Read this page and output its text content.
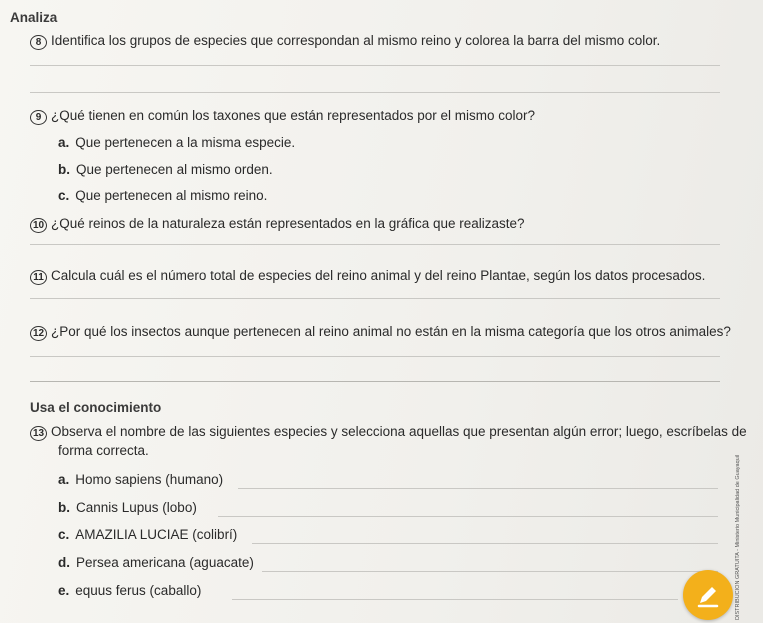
Analiza
8 Identifica los grupos de especies que correspondan al mismo reino y colorea la barra del mismo color.
9 ¿Qué tienen en común los taxones que están representados por el mismo color?
a. Que pertenecen a la misma especie.
b. Que pertenecen al mismo orden.
c. Que pertenecen al mismo reino.
10 ¿Qué reinos de la naturaleza están representados en la gráfica que realizaste?
11 Calcula cuál es el número total de especies del reino animal y del reino Plantae, según los datos procesados.
12 ¿Por qué los insectos aunque pertenecen al reino animal no están en la misma categoría que los otros animales?
Usa el conocimiento
13 Observa el nombre de las siguientes especies y selecciona aquellas que presentan algún error; luego, escríbelas de
forma correcta.
a. Homo sapiens (humano)
b. Cannis Lupus (lobo)
c. AMAZILIA LUCIAE (colibrí)
d. Persea americana (aguacate)
e. equus ferus (caballo)	DISTRIBUCIÓN GRATUITA - Ministerio Municipalidad de Guayaquil
